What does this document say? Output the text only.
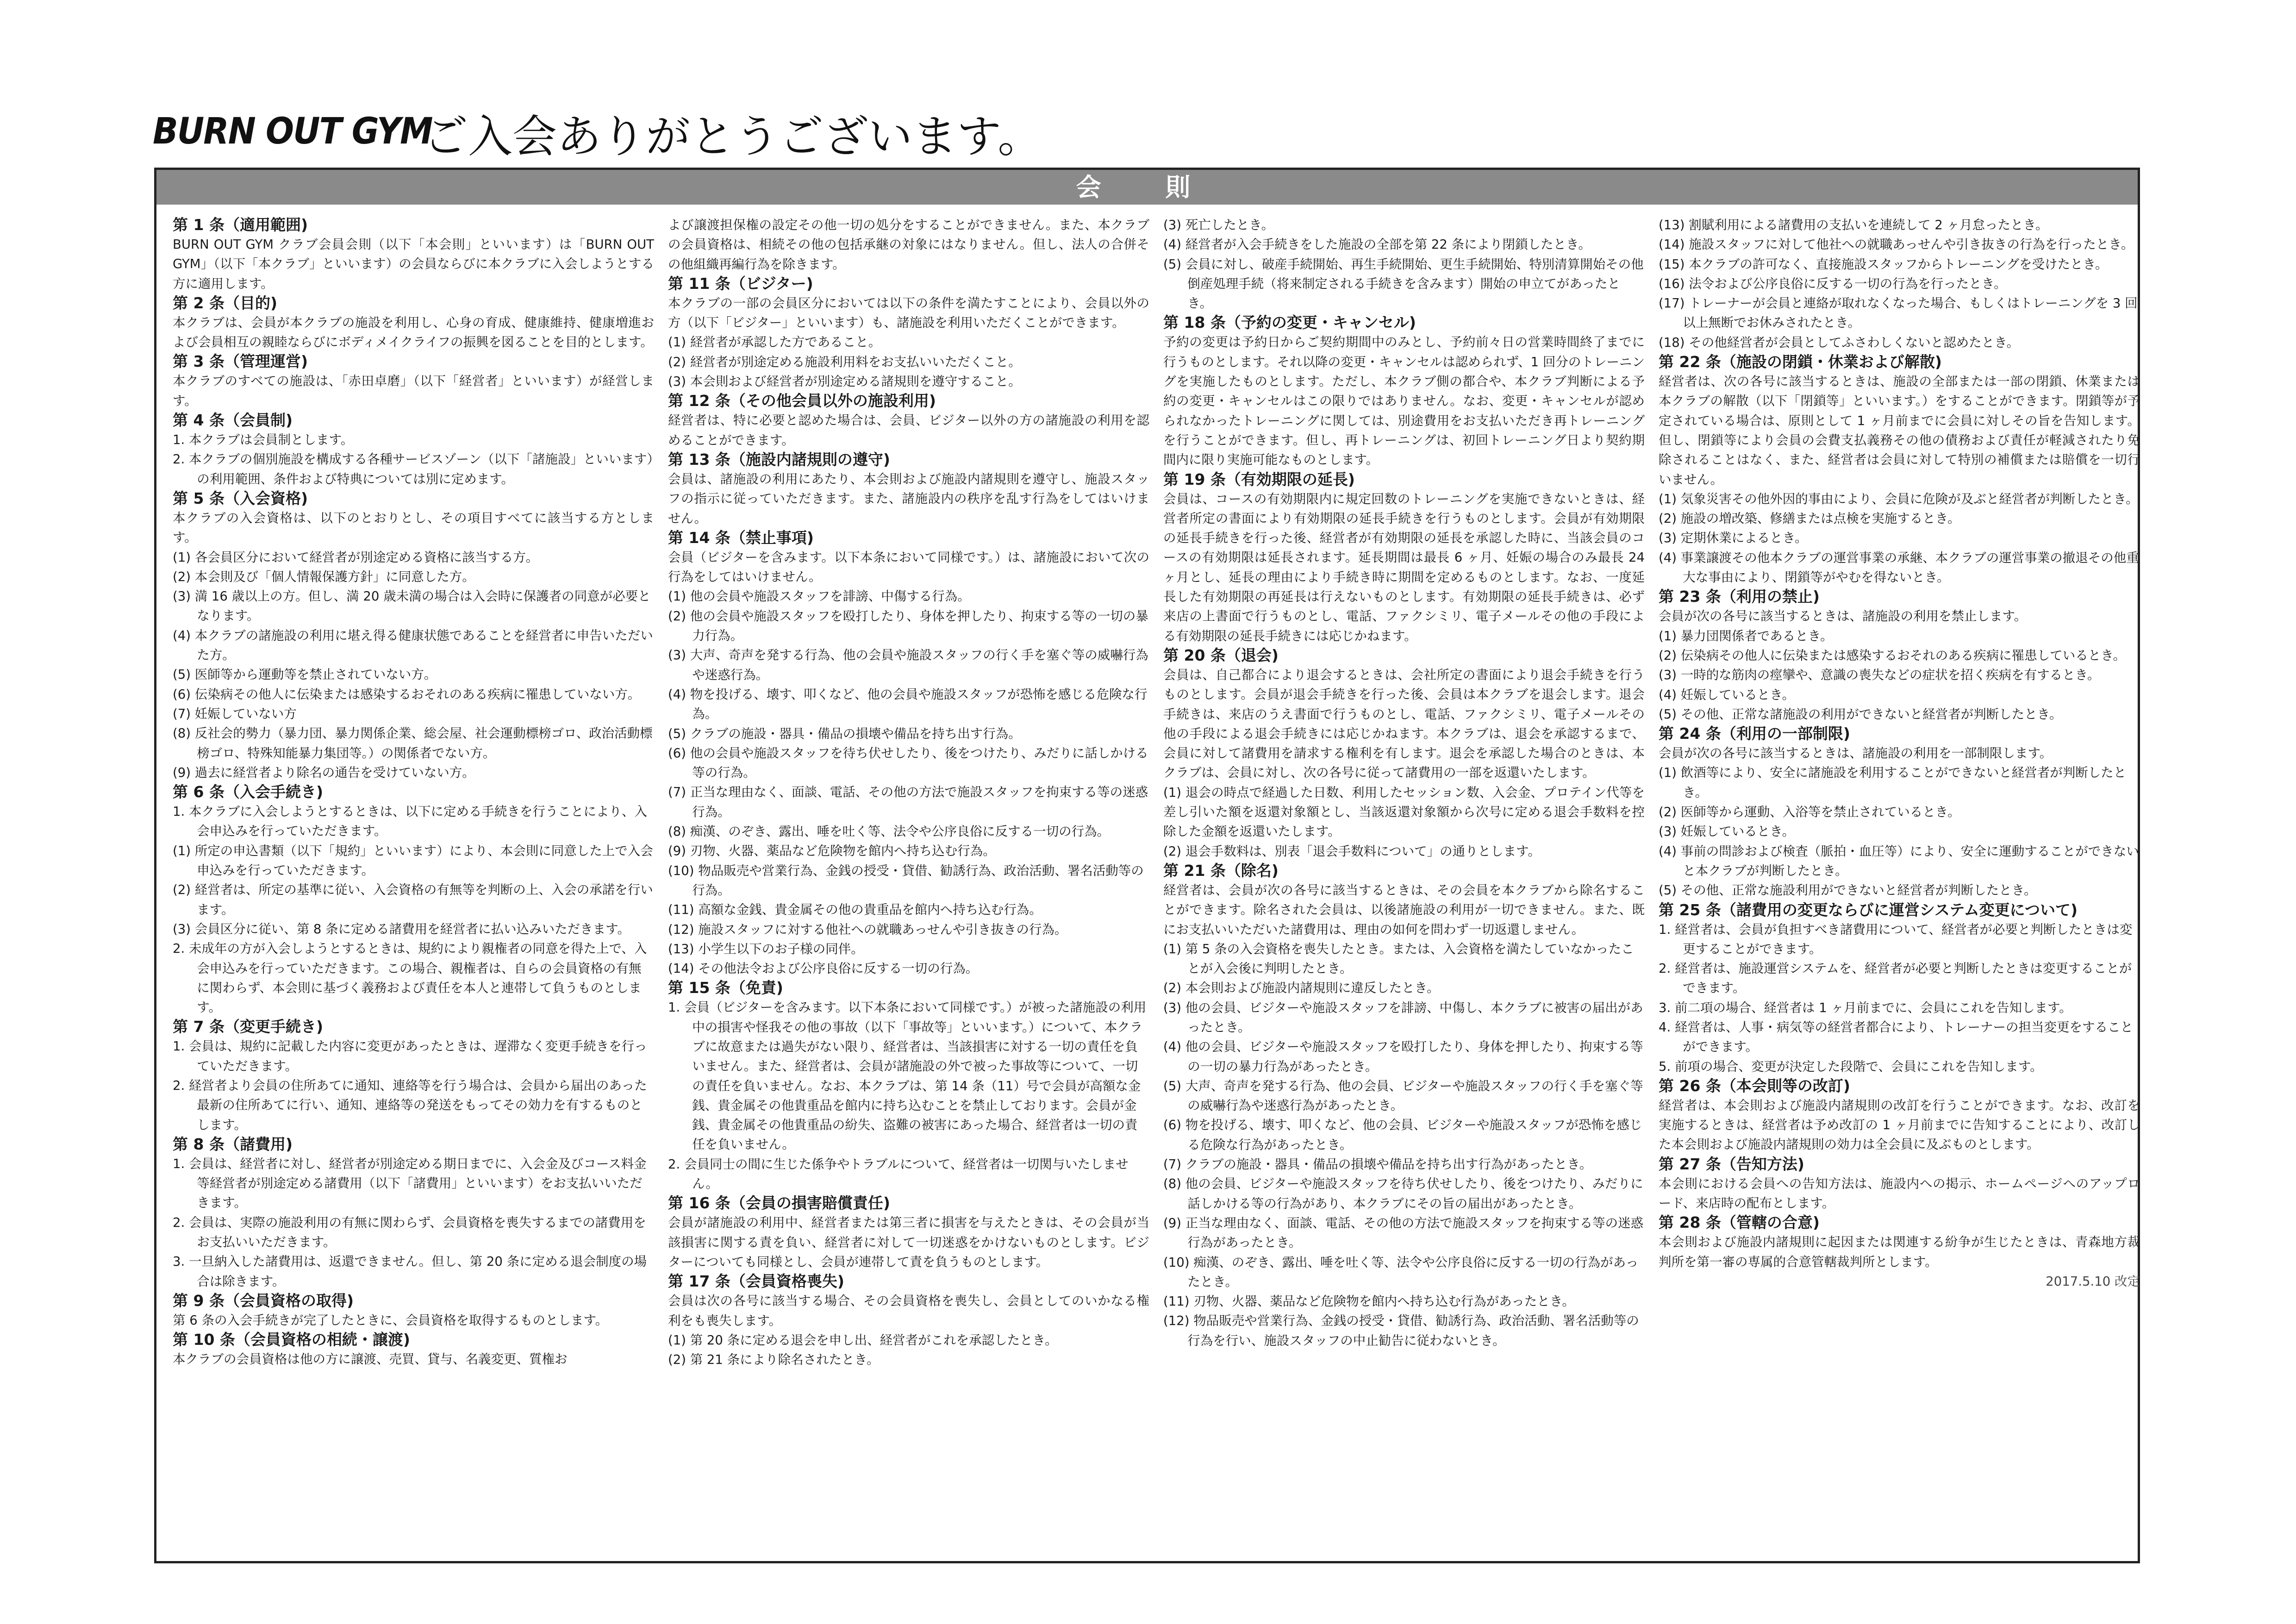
BURN OUT GYM
ご入会ありがとうございます。
会 則
第 1 条（適用範囲)
BURN OUT GYM クラブ会員会則（以下「本会則」といいます）は「BURN OUT GYM」（以下「本クラブ」といいます）の会員ならびに本クラブに入会しようとする方に適用します。
第 2 条（目的)
本クラブは、会員が本クラブの施設を利用し、心身の育成、健康維持、健康増進および会員相互の親睦ならびにボディメイクライフの振興を図ることを目的とします。
第 3 条（管理運営)
本クラブのすべての施設は、「赤田卓磨」（以下「経営者」といいます）が経営します。
第 4 条（会員制)
1. 本クラブは会員制とします。
2. 本クラブの個別施設を構成する各種サービスゾーン（以下「諸施設」といいます）の利用範囲、条件および特典については別に定めます。
第 5 条（入会資格)
本クラブの入会資格は、以下のとおりとし、その項目すべてに該当する方とします。
(1) 各会員区分において経営者が別途定める資格に該当する方。
(2) 本会則及び「個人情報保護方針」に同意した方。
(3) 満 16 歳以上の方。但し、満 20 歳未満の場合は入会時に保護者の同意が必要となります。
(4) 本クラブの諸施設の利用に堪え得る健康状態であることを経営者に申告いただいた方。
(5) 医師等から運動等を禁止されていない方。
(6) 伝染病その他人に伝染または感染するおそれのある疾病に罹患していない方。
(7) 妊娠していない方
(8) 反社会的勢力（暴力団、暴力関係企業、総会屋、社会運動標榜ゴロ、政治活動標榜ゴロ、特殊知能暴力集団等。）の関係者でない方。
(9) 過去に経営者より除名の通告を受けていない方。
第 6 条（入会手続き)
1. 本クラブに入会しようとするときは、以下に定める手続きを行うことにより、入会申込みを行っていただきます。
(1) 所定の申込書類（以下「規約」といいます）により、本会則に同意した上で入会申込みを行っていただきます。
(2) 経営者は、所定の基準に従い、入会資格の有無等を判断の上、入会の承諾を行います。
(3) 会員区分に従い、第 8 条に定める諸費用を経営者に払い込みいただきます。
2. 未成年の方が入会しようとするときは、規約により親権者の同意を得た上で、入会申込みを行っていただきます。この場合、親権者は、自らの会員資格の有無に関わらず、本会則に基づく義務および責任を本人と連帯して負うものとします。
第 7 条（変更手続き)
1. 会員は、規約に記載した内容に変更があったときは、遅滞なく変更手続きを行っていただきます。
2. 経営者より会員の住所あてに通知、連絡等を行う場合は、会員から届出のあった最新の住所あてに行い、通知、連絡等の発送をもってその効力を有するものとします。
第 8 条（諸費用)
1. 会員は、経営者に対し、経営者が別途定める期日までに、入会金及びコース料金等経営者が別途定める諸費用（以下「諸費用」といいます）をお支払いいただきます。
2. 会員は、実際の施設利用の有無に関わらず、会員資格を喪失するまでの諸費用をお支払いいただきます。
3. 一旦納入した諸費用は、返還できません。但し、第 20 条に定める退会制度の場合は除きます。
第 9 条（会員資格の取得)
第 6 条の入会手続きが完了したときに、会員資格を取得するものとします。
第 10 条（会員資格の相続・譲渡)
本クラブの会員資格は他の方に譲渡、売買、貸与、名義変更、質権お
よび譲渡担保権の設定その他一切の処分をすることができません。また、本クラブの会員資格は、相続その他の包括承継の対象にはなりません。但し、法人の合併その他組織再編行為を除きます。
第 11 条（ビジター)
本クラブの一部の会員区分においては以下の条件を満たすことにより、会員以外の方（以下「ビジター」といいます）も、諸施設を利用いただくことができます。
(1) 経営者が承認した方であること。
(2) 経営者が別途定める施設利用料をお支払いいただくこと。
(3) 本会則および経営者が別途定める諸規則を遵守すること。
第 12 条（その他会員以外の施設利用)
経営者は、特に必要と認めた場合は、会員、ビジター以外の方の諸施設の利用を認めることができます。
第 13 条（施設内諸規則の遵守)
会員は、諸施設の利用にあたり、本会則および施設内諸規則を遵守し、施設スタッフの指示に従っていただきます。また、諸施設内の秩序を乱す行為をしてはいけません。
第 14 条（禁止事項)
会員（ビジターを含みます。以下本条において同様です。）は、諸施設において次の行為をしてはいけません。
(1) 他の会員や施設スタッフを誹謗、中傷する行為。
(2) 他の会員や施設スタッフを殴打したり、身体を押したり、拘束する等の一切の暴力行為。
(3) 大声、奇声を発する行為、他の会員や施設スタッフの行く手を塞ぐ等の威嚇行為や迷惑行為。
(4) 物を投げる、壊す、叩くなど、他の会員や施設スタッフが恐怖を感じる危険な行為。
(5) クラブの施設・器具・備品の損壊や備品を持ち出す行為。
(6) 他の会員や施設スタッフを待ち伏せしたり、後をつけたり、みだりに話しかける等の行為。
(7) 正当な理由なく、面談、電話、その他の方法で施設スタッフを拘束する等の迷惑行為。
(8) 痴漢、のぞき、露出、唾を吐く等、法令や公序良俗に反する一切の行為。
(9) 刃物、火器、薬品など危険物を館内へ持ち込む行為。
(10) 物品販売や営業行為、金銭の授受・貸借、勧誘行為、政治活動、署名活動等の行為。
(11) 高額な金銭、貴金属その他の貴重品を館内へ持ち込む行為。
(12) 施設スタッフに対する他社への就職あっせんや引き抜きの行為。
(13) 小学生以下のお子様の同伴。
(14) その他法令および公序良俗に反する一切の行為。
第 15 条（免責)
1. 会員（ビジターを含みます。以下本条において同様です。）が被った諸施設の利用中の損害や怪我その他の事故（以下「事故等」といいます。）について、本クラブに故意または過失がない限り、経営者は、当該損害に対する一切の責任を負いません。また、経営者は、会員が諸施設の外で被った事故等について、一切の責任を負いません。なお、本クラブは、第 14 条（11）号で会員が高額な金銭、貴金属その他貴重品を館内に持ち込むことを禁止しております。会員が金銭、貴金属その他貴重品の紛失、盗難の被害にあった場合、経営者は一切の責任を負いません。
2. 会員同士の間に生じた係争やトラブルについて、経営者は一切関与いたしません。
第 16 条（会員の損害賠償責任)
会員が諸施設の利用中、経営者または第三者に損害を与えたときは、その会員が当該損害に関する責を負い、経営者に対して一切迷惑をかけないものとします。ビジターについても同様とし、会員が連帯して責を負うものとします。
第 17 条（会員資格喪失)
会員は次の各号に該当する場合、その会員資格を喪失し、会員としてのいかなる権利をも喪失します。
(1) 第 20 条に定める退会を申し出、経営者がこれを承認したとき。
(2) 第 21 条により除名されたとき。
(3) 死亡したとき。
(4) 経営者が入会手続きをした施設の全部を第 22 条により閉鎖したとき。
(5) 会員に対し、破産手続開始、再生手続開始、更生手続開始、特別清算開始その他倒産処理手続（将来制定される手続きを含みます）開始の申立てがあったとき。
第 18 条（予約の変更・キャンセル)
予約の変更は予約日からご契約期間中のみとし、予約前々日の営業時間終了までに行うものとします。それ以降の変更・キャンセルは認められず、1 回分のトレーニングを実施したものとします。ただし、本クラブ側の都合や、本クラブ判断による予約の変更・キャンセルはこの限りではありません。なお、変更・キャンセルが認められなかったトレーニングに関しては、別途費用をお支払いただき再トレーニングを行うことができます。但し、再トレーニングは、初回トレーニング日より契約期間内に限り実施可能なものとします。
第 19 条（有効期限の延長)
会員は、コースの有効期限内に規定回数のトレーニングを実施できないときは、経営者所定の書面により有効期限の延長手続きを行うものとします。会員が有効期限の延長手続きを行った後、経営者が有効期限の延長を承認した時に、当該会員のコースの有効期限は延長されます。延長期間は最長 6 ヶ月、妊娠の場合のみ最長 24 ヶ月とし、延長の理由により手続き時に期間を定めるものとします。なお、一度延長した有効期限の再延長は行えないものとします。有効期限の延長手続きは、必ず来店の上書面で行うものとし、電話、ファクシミリ、電子メールその他の手段による有効期限の延長手続きには応じかねます。
第 20 条（退会)
会員は、自己都合により退会するときは、会社所定の書面により退会手続きを行うものとします。会員が退会手続きを行った後、会員は本クラブを退会します。退会手続きは、来店のうえ書面で行うものとし、電話、ファクシミリ、電子メールその他の手段による退会手続きには応じかねます。本クラブは、退会を承認するまで、会員に対して諸費用を請求する権利を有します。退会を承認した場合のときは、本クラブは、会員に対し、次の各号に従って諸費用の一部を返還いたします。
(1) 退会の時点で経過した日数、利用したセッション数、入会金、プロテイン代等を差し引いた額を返還対象額とし、当該返還対象額から次号に定める退会手数料を控除した金額を返還いたします。
(2) 退会手数料は、別表「退会手数料について」の通りとします。
第 21 条（除名)
経営者は、会員が次の各号に該当するときは、その会員を本クラブから除名することができます。除名された会員は、以後諸施設の利用が一切できません。また、既にお支払いいただいた諸費用は、理由の如何を問わず一切返還しません。
(1) 第 5 条の入会資格を喪失したとき。または、入会資格を満たしていなかったことが入会後に判明したとき。
(2) 本会則および施設内諸規則に違反したとき。
(3) 他の会員、ビジターや施設スタッフを誹謗、中傷し、本クラブに被害の届出があったとき。
(4) 他の会員、ビジターや施設スタッフを殴打したり、身体を押したり、拘束する等の一切の暴力行為があったとき。
(5) 大声、奇声を発する行為、他の会員、ビジターや施設スタッフの行く手を塞ぐ等の威嚇行為や迷惑行為があったとき。
(6) 物を投げる、壊す、叩くなど、他の会員、ビジターや施設スタッフが恐怖を感じる危険な行為があったとき。
(7) クラブの施設・器具・備品の損壊や備品を持ち出す行為があったとき。
(8) 他の会員、ビジターや施設スタッフを待ち伏せしたり、後をつけたり、みだりに話しかける等の行為があり、本クラブにその旨の届出があったとき。
(9) 正当な理由なく、面談、電話、その他の方法で施設スタッフを拘束する等の迷惑行為があったとき。
(10) 痴漢、のぞき、露出、唾を吐く等、法令や公序良俗に反する一切の行為があったとき。
(11) 刃物、火器、薬品など危険物を館内へ持ち込む行為があったとき。
(12) 物品販売や営業行為、金銭の授受・貸借、勧誘行為、政治活動、署名活動等の行為を行い、施設スタッフの中止勧告に従わないとき。
(13) 割賦利用による諸費用の支払いを連続して 2 ヶ月怠ったとき。
(14) 施設スタッフに対して他社への就職あっせんや引き抜きの行為を行ったとき。
(15) 本クラブの許可なく、直接施設スタッフからトレーニングを受けたとき。
(16) 法令および公序良俗に反する一切の行為を行ったとき。
(17) トレーナーが会員と連絡が取れなくなった場合、もしくはトレーニングを 3 回以上無断でお休みされたとき。
(18) その他経営者が会員としてふさわしくないと認めたとき。
第 22 条（施設の閉鎖・休業および解散)
経営者は、次の各号に該当するときは、施設の全部または一部の閉鎖、休業または本クラブの解散（以下「閉鎖等」といいます。）をすることができます。閉鎖等が予定されている場合は、原則として 1 ヶ月前までに会員に対しその旨を告知します。但し、閉鎖等により会員の会費支払義務その他の債務および責任が軽減されたり免除されることはなく、また、経営者は会員に対して特別の補償または賠償を一切行いません。
(1) 気象災害その他外因的事由により、会員に危険が及ぶと経営者が判断したとき。
(2) 施設の増改築、修繕または点検を実施するとき。
(3) 定期休業によるとき。
(4) 事業譲渡その他本クラブの運営事業の承継、本クラブの運営事業の撤退その他重大な事由により、閉鎖等がやむを得ないとき。
第 23 条（利用の禁止)
会員が次の各号に該当するときは、諸施設の利用を禁止します。
(1) 暴力団関係者であるとき。
(2) 伝染病その他人に伝染または感染するおそれのある疾病に罹患しているとき。
(3) 一時的な筋肉の痙攣や、意識の喪失などの症状を招く疾病を有するとき。
(4) 妊娠しているとき。
(5) その他、正常な諸施設の利用ができないと経営者が判断したとき。
第 24 条（利用の一部制限)
会員が次の各号に該当するときは、諸施設の利用を一部制限します。
(1) 飲酒等により、安全に諸施設を利用することができないと経営者が判断したとき。
(2) 医師等から運動、入浴等を禁止されているとき。
(3) 妊娠しているとき。
(4) 事前の問診および検査（脈拍・血圧等）により、安全に運動することができないと本クラブが判断したとき。
(5) その他、正常な施設利用ができないと経営者が判断したとき。
第 25 条（諸費用の変更ならびに運営システム変更について)
1. 経営者は、会員が負担すべき諸費用について、経営者が必要と判断したときは変更することができます。
2. 経営者は、施設運営システムを、経営者が必要と判断したときは変更することができます。
3. 前二項の場合、経営者は 1 ヶ月前までに、会員にこれを告知します。
4. 経営者は、人事・病気等の経営者都合により、トレーナーの担当変更をすることができます。
5. 前項の場合、変更が決定した段階で、会員にこれを告知します。
第 26 条（本会則等の改訂)
経営者は、本会則および施設内諸規則の改訂を行うことができます。なお、改訂を実施するときは、経営者は予め改訂の 1 ヶ月前までに告知することにより、改訂した本会則および施設内諸規則の効力は全会員に及ぶものとします。
第 27 条（告知方法)
本会則における会員への告知方法は、施設内への掲示、ホームページへのアップロード、来店時の配布とします。
第 28 条（管轄の合意)
本会則および施設内諸規則に起因または関連する紛争が生じたときは、青森地方裁判所を第一審の専属的合意管轄裁判所とします。
2017.5.10 改定
